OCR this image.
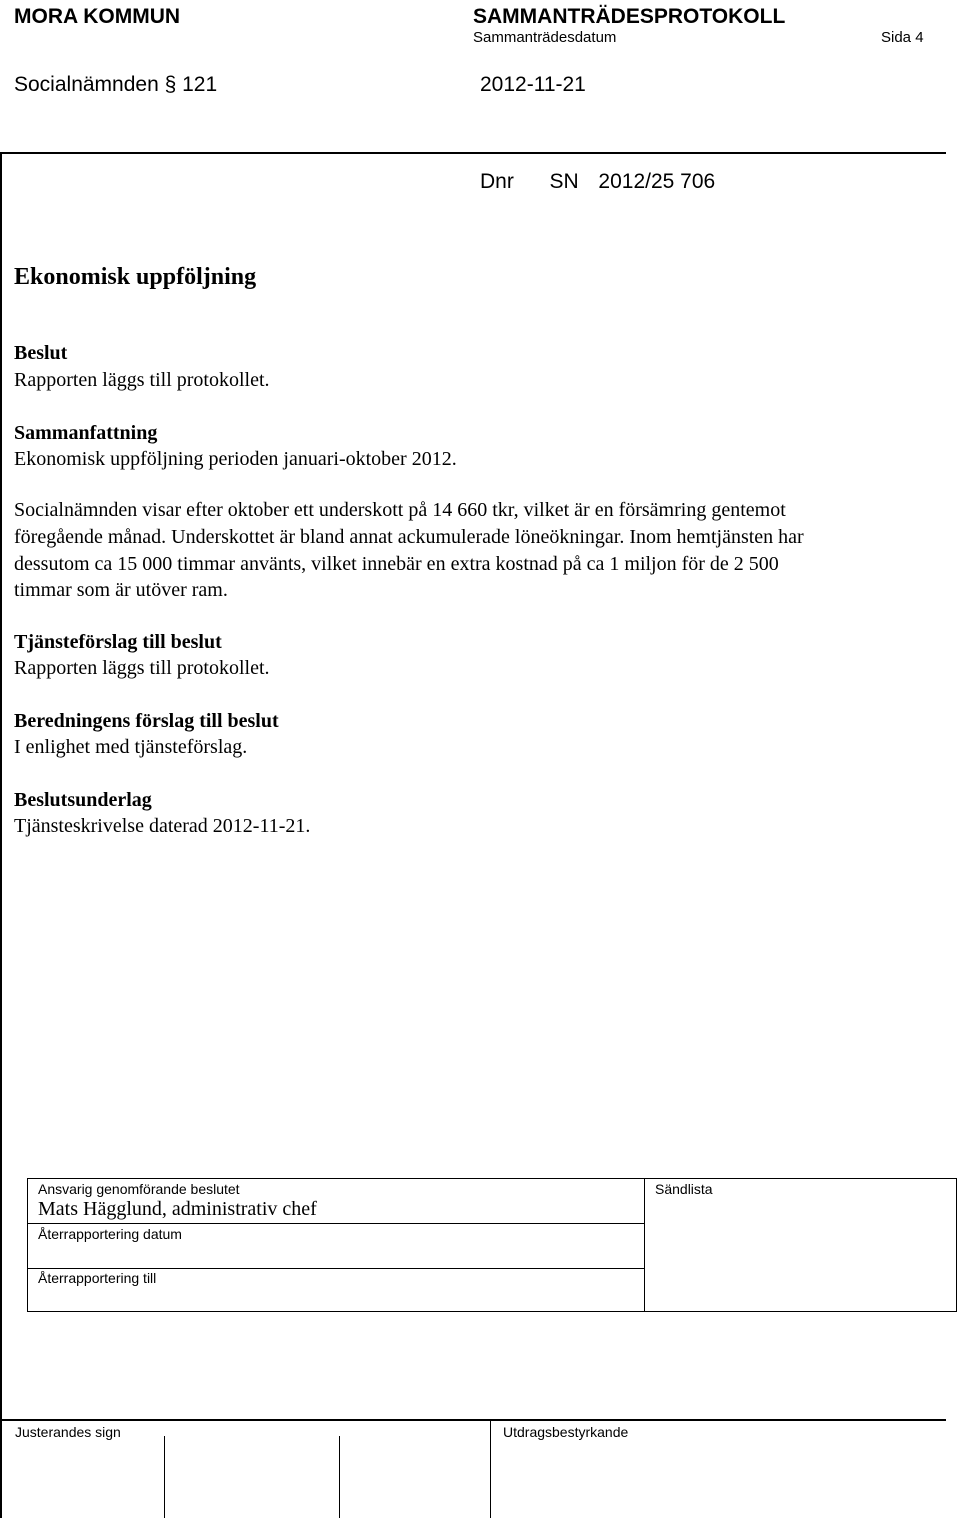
MORA KOMMUN	SAMMANTRÄDESPROTOKOLL
Sammanträdesdatum	Sida 4
Socialnämnden § 121	2012-11-21
Dnr SN 2012/25 706
Ekonomisk uppföljning
Beslut
Rapporten läggs till protokollet.
Sammanfattning
Ekonomisk uppföljning perioden januari-oktober 2012.
Socialnämnden visar efter oktober ett underskott på 14 660 tkr, vilket är en försämring gentemot
föregående månad. Underskottet är bland annat ackumulerade löneökningar. Inom hemtjänsten har
dessutom ca 15 000 timmar använts, vilket innebär en extra kostnad på ca 1 miljon för de 2 500
timmar som är utöver ram.
Tjänsteförslag till beslut
Rapporten läggs till protokollet.
Beredningens förslag till beslut
I enlighet med tjänsteförslag.
Beslutsunderlag
Tjänsteskrivelse daterad 2012-11-21.
Ansvarig genomförande beslutet
Mats Hägglund, administrativ chef
Återrapportering datum
Återrapportering till
Sändlista
Justerandes sign	Utdragsbestyrkande
